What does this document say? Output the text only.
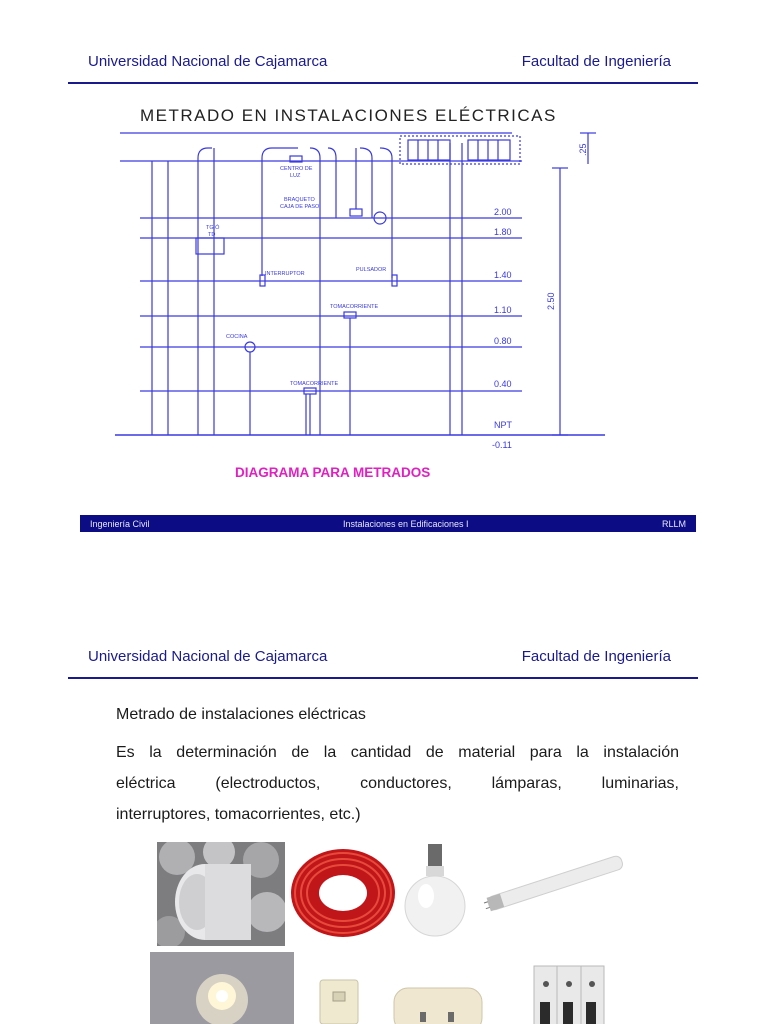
Universidad Nacional de Cajamarca	Facultad de Ingeniería
METRADO EN INSTALACIONES ELÉCTRICAS
CENTRO DE
LUZ
BRAQUETO
CAJA DE PASO
TG Ó
TD
INTERRUPTOR
PULSADOR
TOMACORRIENTE
COCINA
TOMACORRIENTE
2.00
1.80
1.40
1.10
0.80
0.40
NPT
-0.11
2.50
.25
DIAGRAMA PARA METRADOS
Ingeniería Civil	Instalaciones en Edificaciones I	RLLM
Universidad Nacional de Cajamarca	Facultad de Ingeniería
Metrado de instalaciones eléctricas
Es la determinación de la cantidad de material para la instalación
eléctrica (electroductos, conductores, lámparas, luminarias,
interruptores, tomacorrientes, etc.)
